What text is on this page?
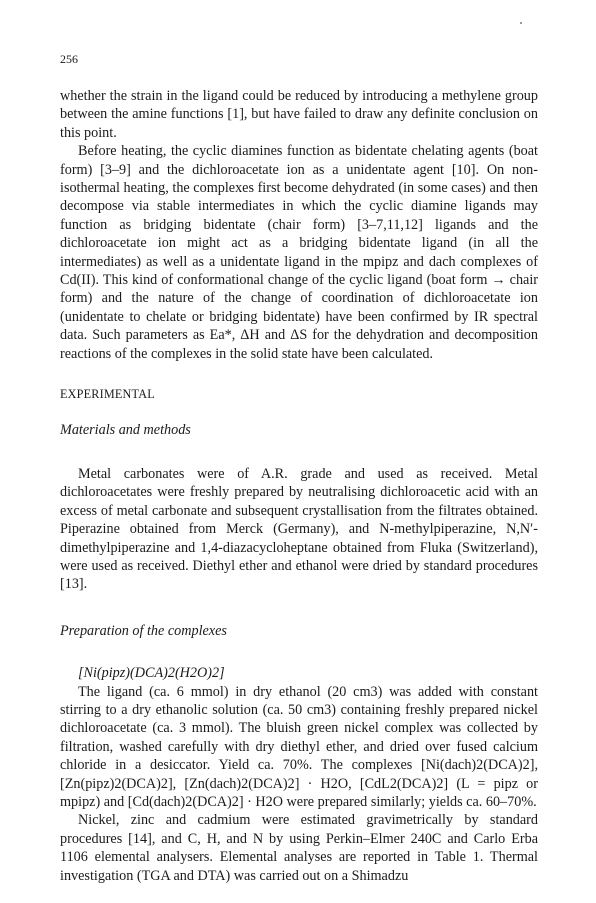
256

whether the strain in the ligand could be reduced by introducing a methylene group between the amine functions [1], but have failed to draw any definite conclusion on this point.

Before heating, the cyclic diamines function as bidentate chelating agents (boat form) [3–9] and the dichloroacetate ion as a unidentate agent [10]. On non-isothermal heating, the complexes first become dehydrated (in some cases) and then decompose via stable intermediates in which the cyclic diamine ligands may function as bridging bidentate (chair form) [3–7,11,12] ligands and the dichloroacetate ion might act as a bridging bidentate ligand (in all the intermediates) as well as a unidentate ligand in the mpipz and dach complexes of Cd(II). This kind of conformational change of the cyclic ligand (boat form → chair form) and the nature of the change of coordination of dichloroacetate ion (unidentate to chelate or bridging bidentate) have been confirmed by IR spectral data. Such parameters as Ea*, ΔH and ΔS for the dehydration and decomposition reactions of the complexes in the solid state have been calculated.

EXPERIMENTAL
Materials and methods

Metal carbonates were of A.R. grade and used as received. Metal dichloroacetates were freshly prepared by neutralising dichloroacetic acid with an excess of metal carbonate and subsequent crystallisation from the filtrates obtained. Piperazine obtained from Merck (Germany), and N-methylpiperazine, N,N′-dimethylpiperazine and 1,4-diazacycloheptane obtained from Fluka (Switzerland), were used as received. Diethyl ether and ethanol were dried by standard procedures [13].

Preparation of the complexes
[Ni(pipz)(DCA)2(H2O)2]

The ligand (ca. 6 mmol) in dry ethanol (20 cm3) was added with constant stirring to a dry ethanolic solution (ca. 50 cm3) containing freshly prepared nickel dichloroacetate (ca. 3 mmol). The bluish green nickel complex was collected by filtration, washed carefully with dry diethyl ether, and dried over fused calcium chloride in a desiccator. Yield ca. 70%. The complexes [Ni(dach)2(DCA)2], [Zn(pipz)2(DCA)2], [Zn(dach)2(DCA)2] · H2O, [CdL2(DCA)2] (L = pipz or mpipz) and [Cd(dach)2(DCA)2] · H2O were prepared similarly; yields ca. 60–70%.

Nickel, zinc and cadmium were estimated gravimetrically by standard procedures [14], and C, H, and N by using Perkin–Elmer 240C and Carlo Erba 1106 elemental analysers. Elemental analyses are reported in Table 1. Thermal investigation (TGA and DTA) was carried out on a Shimadzu
